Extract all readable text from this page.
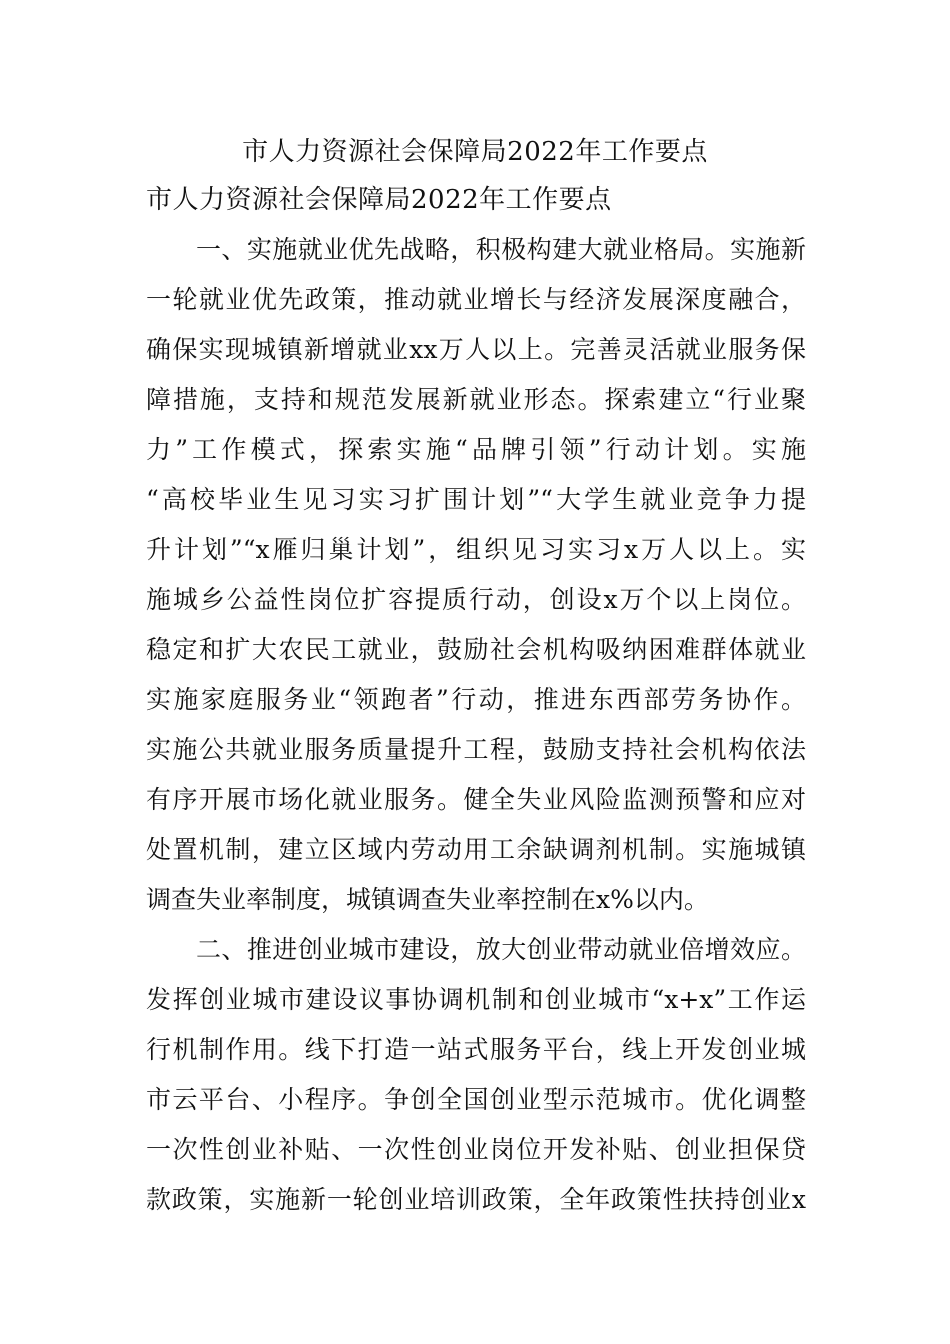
市人力资源社会保障局2022年工作要点
市人力资源社会保障局2022年工作要点
一、实施就业优先战略，积极构建大就业格局。实施新
一轮就业优先政策，推动就业增长与经济发展深度融合，
确保实现城镇新增就业xx万人以上。完善灵活就业服务保
障措施，支持和规范发展新就业形态。探索建立“行业聚
力”工作模式，探索实施“品牌引领”行动计划。实施
“高校毕业生见习实习扩围计划”“大学生就业竞争力提
升计划”“x雁归巢计划”，组织见习实习x万人以上。实
施城乡公益性岗位扩容提质行动，创设x万个以上岗位。
稳定和扩大农民工就业，鼓励社会机构吸纳困难群体就业
实施家庭服务业“领跑者”行动，推进东西部劳务协作。
实施公共就业服务质量提升工程，鼓励支持社会机构依法
有序开展市场化就业服务。健全失业风险监测预警和应对
处置机制，建立区域内劳动用工余缺调剂机制。实施城镇
调查失业率制度，城镇调查失业率控制在x%以内。
二、推进创业城市建设，放大创业带动就业倍增效应。
发挥创业城市建设议事协调机制和创业城市“x+x”工作运
行机制作用。线下打造一站式服务平台，线上开发创业城
市云平台、小程序。争创全国创业型示范城市。优化调整
一次性创业补贴、一次性创业岗位开发补贴、创业担保贷
款政策，实施新一轮创业培训政策，全年政策性扶持创业x
